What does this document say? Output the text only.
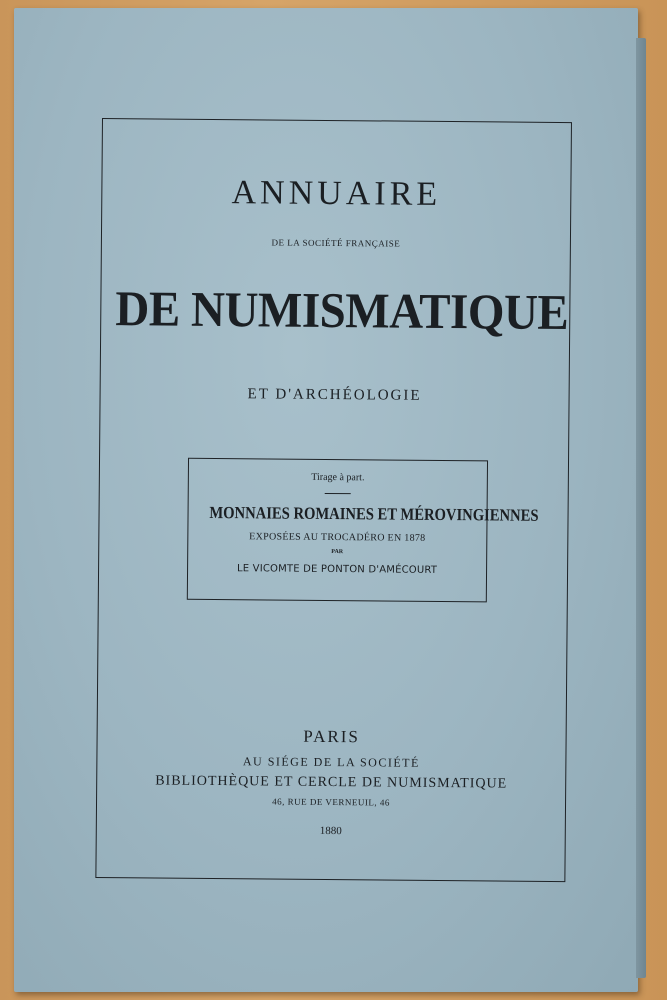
ANNUAIRE
DE LA SOCIÉTÉ FRANÇAISE
DE NUMISMATIQUE
ET D'ARCHÉOLOGIE
Tirage à part.
MONNAIES ROMAINES ET MÉROVINGIENNES
EXPOSÉES AU TROCADÉRO EN 1878
PAR
LE VICOMTE DE PONTON D'AMÉCOURT
PARIS
AU SIÉGE DE LA SOCIÉTÉ
BIBLIOTHÈQUE ET CERCLE DE NUMISMATIQUE
46, RUE DE VERNEUIL, 46
1880
